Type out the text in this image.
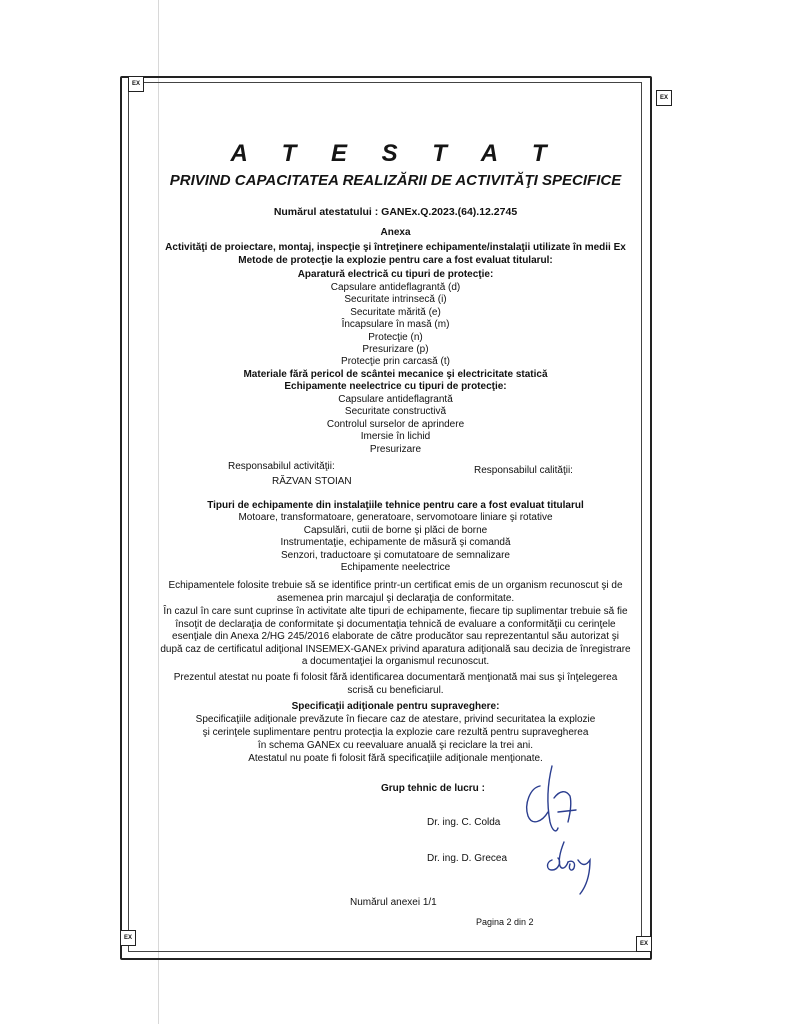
EX
EX
EX
EX
A T E S T A T
PRIVIND CAPACITATEA REALIZĂRII DE ACTIVITĂŢI SPECIFICE
Numărul atestatului : GANEx.Q.2023.(64).12.2745
Anexa
Activităţi de proiectare, montaj, inspecţie şi întreţinere echipamente/instalaţii utilizate în medii Ex
Metode de protecţie la explozie pentru care a fost evaluat titularul:
Aparatură electrică cu tipuri de protecţie:
Capsulare antideflagrantă (d)
Securitate intrinsecă (i)
Securitate mărită (e)
Încapsulare în masă (m)
Protecţie (n)
Presurizare (p)
Protecţie prin carcasă (t)
Materiale fără pericol de scântei mecanice şi electricitate statică
Echipamente neelectrice cu tipuri de protecţie:
Capsulare antideflagrantă
Securitate constructivă
Controlul surselor de aprindere
Imersie în lichid
Presurizare
Responsabilul activităţii:	Responsabilul calităţii:
RĂZVAN STOIAN
Tipuri de echipamente din instalaţiile tehnice pentru care a fost evaluat titularul
Motoare, transformatoare, generatoare, servomotoare liniare şi rotative
Capsulări, cutii de borne şi plăci de borne
Instrumentaţie, echipamente de măsură şi comandă
Senzori, traductoare şi comutatoare de semnalizare
Echipamente neelectrice
Echipamentele folosite trebuie să se identifice printr-un certificat emis de un organism recunoscut şi de
asemenea prin marcajul şi declaraţia de conformitate.
În cazul în care sunt cuprinse în activitate alte tipuri de echipamente, fiecare tip suplimentar trebuie să fie
însoţit de declaraţia de conformitate şi documentaţia tehnică de evaluare a conformităţii cu cerinţele
esenţiale din Anexa 2/HG 245/2016 elaborate de către producător sau reprezentantul său autorizat şi
după caz de certificatul adiţional INSEMEX-GANEx privind aparatura adiţională sau decizia de înregistrare
a documentaţiei la organismul recunoscut.
Prezentul atestat nu poate fi folosit fără identificarea documentară menţionată mai sus şi înţelegerea
scrisă cu beneficiarul.
Specificaţii adiţionale pentru supraveghere:
Specificaţiile adiţionale prevăzute în fiecare caz de atestare, privind securitatea la explozie
şi cerinţele suplimentare pentru protecţia la explozie care rezultă pentru supravegherea
în schema GANEx cu reevaluare anuală şi reciclare la trei ani.
Atestatul nu poate fi folosit fără specificaţiile adiţionale menţionate.
Grup tehnic de lucru :
Dr. ing. C. Colda
Dr. ing. D. Grecea
Numărul anexei 1/1
Pagina 2 din 2
